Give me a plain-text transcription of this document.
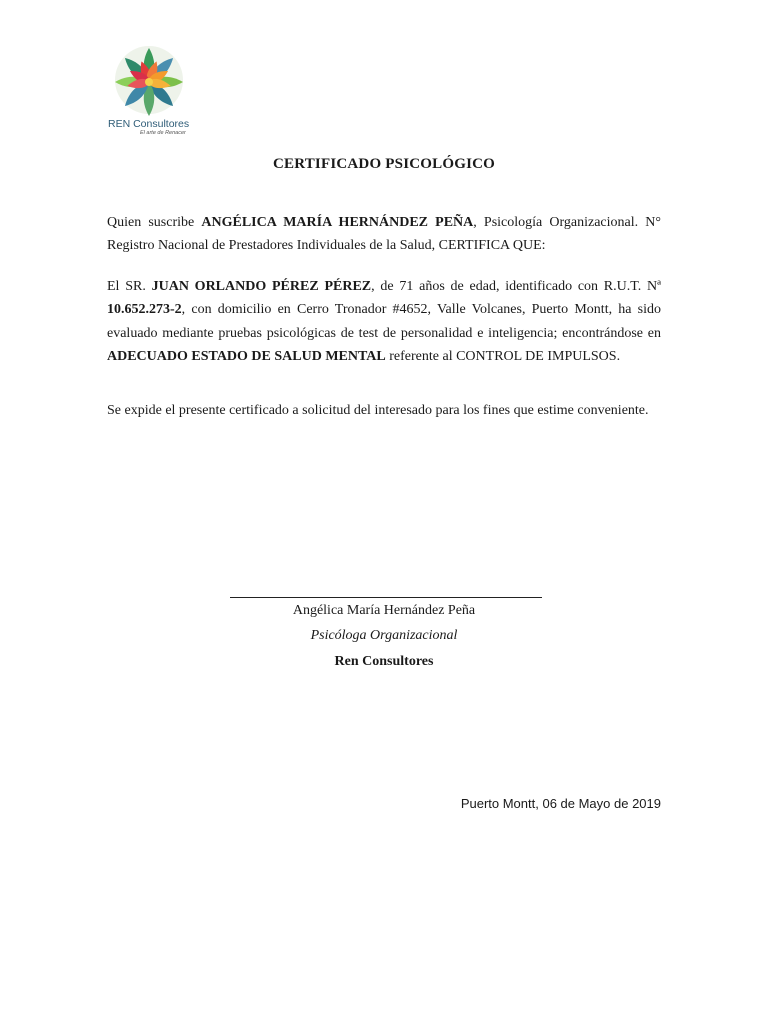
REN Consultores
El arte de Renacer
CERTIFICADO PSICOLÓGICO
Quien suscribe ANGÉLICA MARÍA HERNÁNDEZ PEÑA, Psicología Organizacional. N° Registro Nacional de Prestadores Individuales de la Salud, CERTIFICA QUE:
El SR. JUAN ORLANDO PÉREZ PÉREZ, de 71 años de edad, identificado con R.U.T. Nª 10.652.273-2, con domicilio en Cerro Tronador #4652, Valle Volcanes, Puerto Montt, ha sido evaluado mediante pruebas psicológicas de test de personalidad e inteligencia; encontrándose en ADECUADO ESTADO DE SALUD MENTAL referente al CONTROL DE IMPULSOS.
Se expide el presente certificado a solicitud del interesado para los fines que estime conveniente.
Angélica María Hernández Peña
Psicóloga Organizacional
Ren Consultores
Puerto Montt, 06 de Mayo de 2019
